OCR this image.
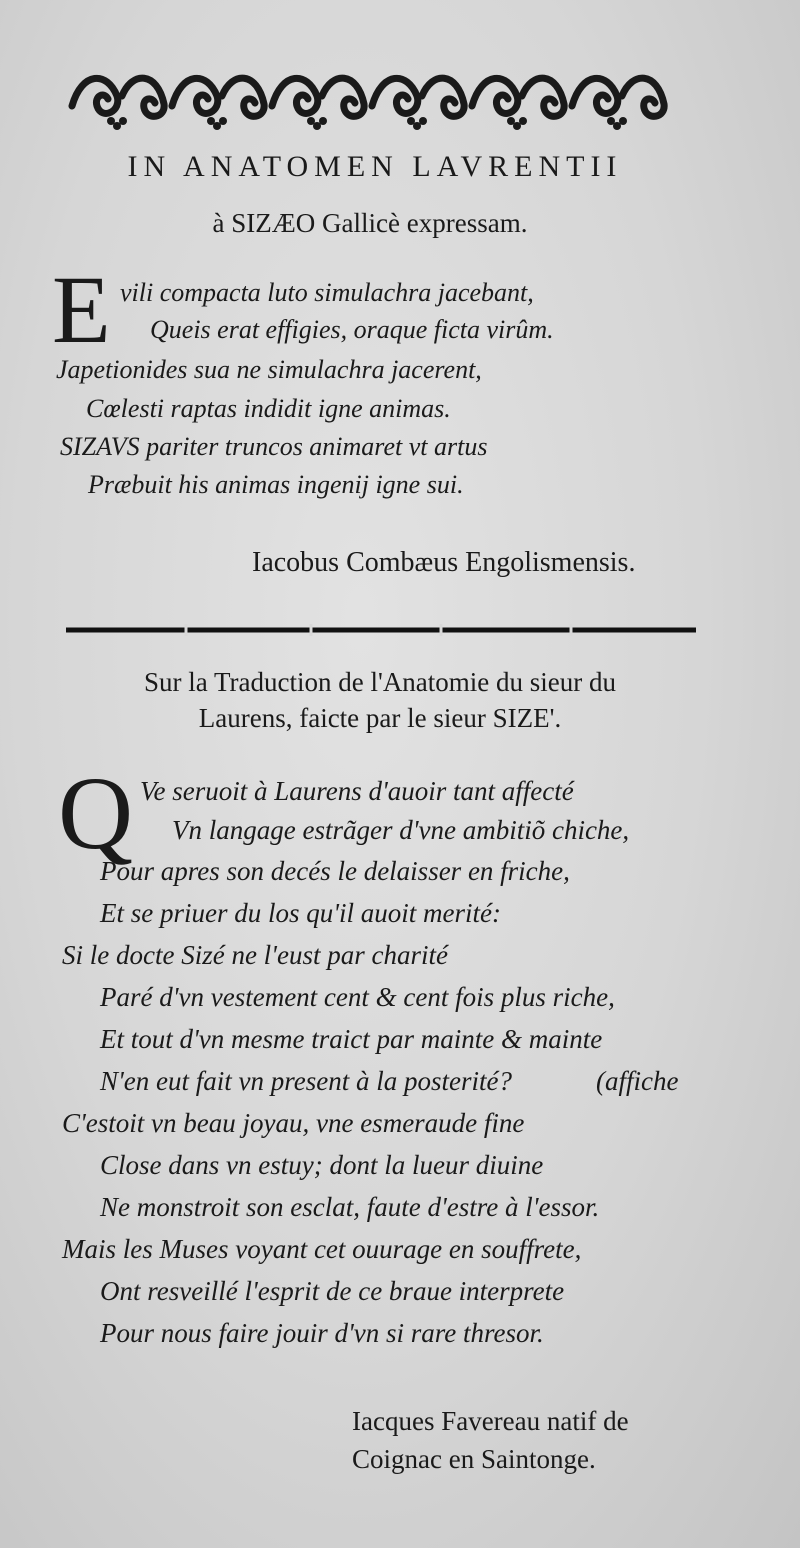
IN ANATOMEN LAVRENTII
à SIZÆO Gallicè expressam.
E vili compacta luto simulachra jacebant,
Queis erat effigies, oraque ficta virûm.
Japetionides sua ne simulachra jacerent,
Cœlesti raptas indidit igne animas.
SIZAVS pariter truncos animaret vt artus
Præbuit his animas ingenij igne sui.
Iacobus Combæus Engolismensis.
Sur la Traduction de l'Anatomie du sieur du
Laurens, faicte par le sieur SIZE'.
Q Ve seruoit à Laurens d'auoir tant affecté
Vn langage estrãger d'vne ambitiõ chiche,
Pour apres son decés le delaisser en friche,
Et se priuer du los qu'il auoit merité:
Si le docte Sizé ne l'eust par charité
Paré d'vn vestement cent & cent fois plus riche,
Et tout d'vn mesme traict par mainte & mainte
N'en eut fait vn present à la posterité?	(affiche
C'estoit vn beau joyau, vne esmeraude fine
Close dans vn estuy; dont la lueur diuine
Ne monstroit son esclat, faute d'estre à l'essor.
Mais les Muses voyant cet ouurage en souffrete,
Ont resveillé l'esprit de ce braue interprete
Pour nous faire jouir d'vn si rare thresor.
Iacques Favereau natif de
Coignac en Saintonge.
